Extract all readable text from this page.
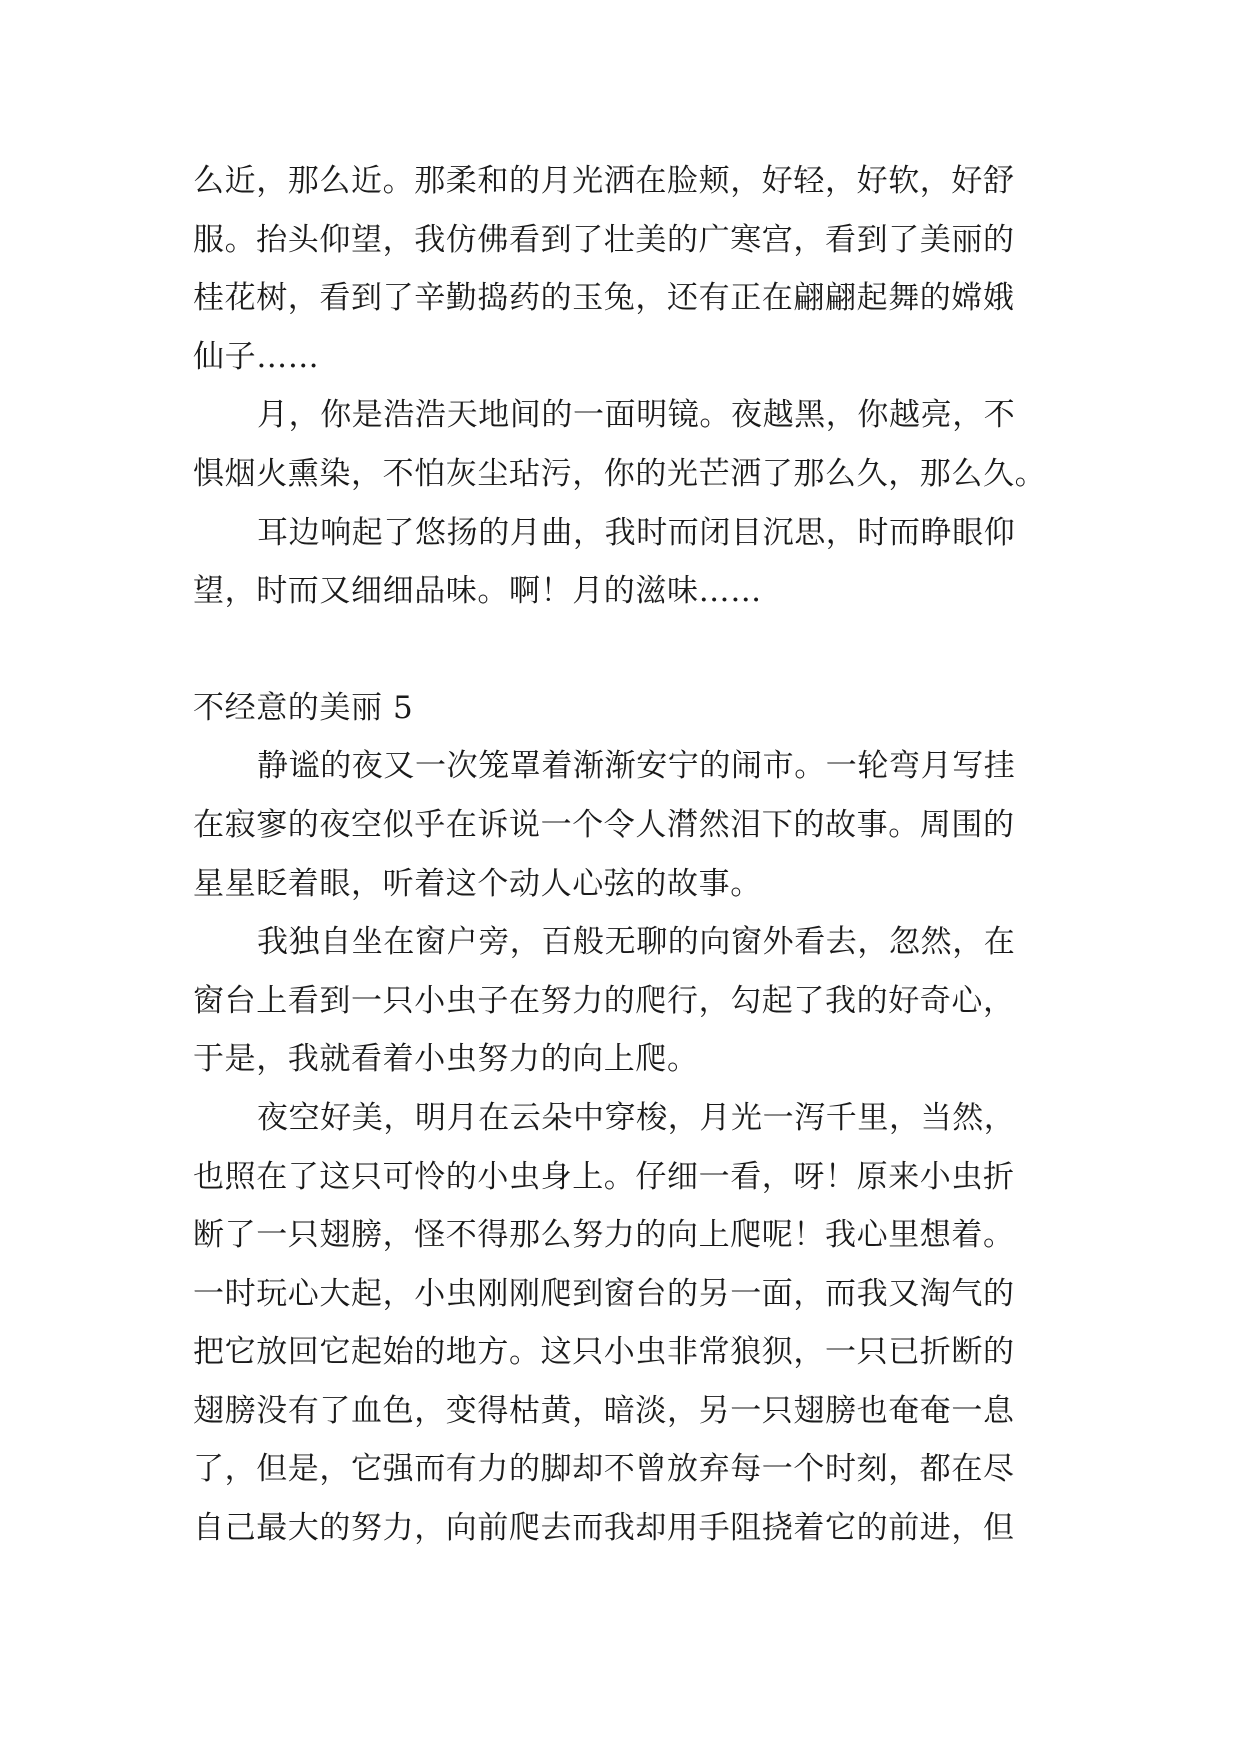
么近，那么近。那柔和的月光洒在脸颊，好轻，好软，好舒
服。抬头仰望，我仿佛看到了壮美的广寒宫，看到了美丽的
桂花树，看到了辛勤捣药的玉兔，还有正在翩翩起舞的嫦娥
仙子……
月，你是浩浩天地间的一面明镜。夜越黑，你越亮，不
惧烟火熏染，不怕灰尘玷污，你的光芒洒了那么久，那么久。
耳边响起了悠扬的月曲，我时而闭目沉思，时而睁眼仰
望，时而又细细品味。啊！月的滋味……
不经意的美丽 5
静谧的夜又一次笼罩着渐渐安宁的闹市。一轮弯月写挂
在寂寥的夜空似乎在诉说一个令人潸然泪下的故事。周围的
星星眨着眼，听着这个动人心弦的故事。
我独自坐在窗户旁，百般无聊的向窗外看去，忽然，在
窗台上看到一只小虫子在努力的爬行，勾起了我的好奇心，
于是，我就看着小虫努力的向上爬。
夜空好美，明月在云朵中穿梭，月光一泻千里，当然，
也照在了这只可怜的小虫身上。仔细一看，呀！原来小虫折
断了一只翅膀，怪不得那么努力的向上爬呢！我心里想着。
一时玩心大起，小虫刚刚爬到窗台的另一面，而我又淘气的
把它放回它起始的地方。这只小虫非常狼狈，一只已折断的
翅膀没有了血色，变得枯黄，暗淡，另一只翅膀也奄奄一息
了，但是，它强而有力的脚却不曾放弃每一个时刻，都在尽
自己最大的努力，向前爬去而我却用手阻挠着它的前进，但
